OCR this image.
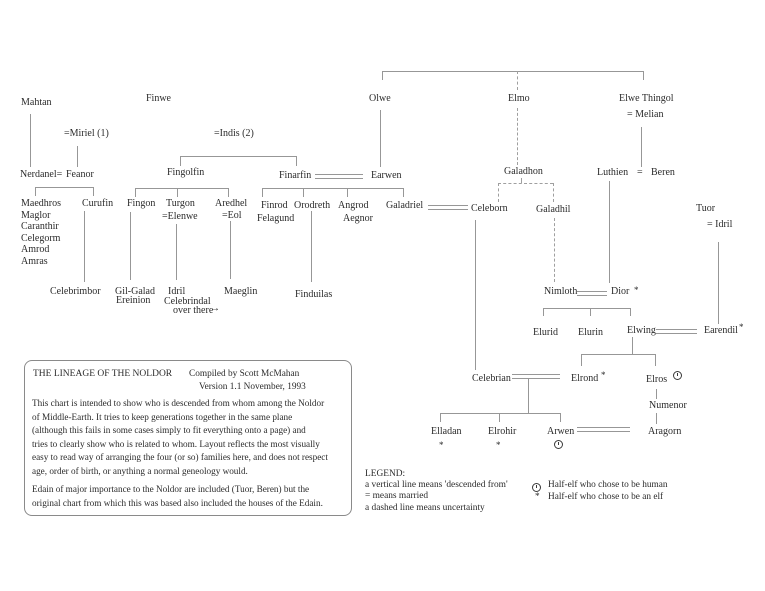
Mahtan	Finwe	Olwe	Elmo	Elwe Thingol
= Melian
=Miriel (1)	=Indis (2)
Nerdanel= Feanor	Fingolfin	Finarfin	Earwen	Galadhon	Luthien = Beren
Maedhros
Maglor
Caranthir
Celegorm
Amrod
Amras
Curufin Fingon Turgon
=Elenwe
Aredhel
=Eol
Finrod
Felagund
Orodreth Angrod
Aegnor
Galadriel	Celeborn	Galadhil	Tuor
= Idril
Celebrimbor Gil-Galad
Ereinion
Idril
Celebrindal
over there
→
Maeglin	Finduilas	Nimloth	Dior *
Elurid Elurin Elwing	Earendil *
Celebrian	Elrond *	Elros
Numenor
Aragorn
Elladan
*
Elrohir
*
Arwen
THE LINEAGE OF THE NOLDOR Compiled by Scott McMahan
Version 1.1 November, 1993
This chart is intended to show who is descended from whom among the Noldor
of Middle-Earth. It tries to keep generations together in the same plane
(although this fails in some cases simply to fit everything onto a page) and
tries to clearly show who is related to whom. Layout reflects the most visually
easy to read way of arranging the four (or so) families here, and does not respect
age, order of birth, or anything a normal geneology would.
Edain of major importance to the Noldor are included (Tuor, Beren) but the
original chart from which this was based also included the houses of the Edain.
LEGEND:
a vertical line means 'descended from'
= means married
a dashed line means uncertainty
Half-elf who chose to be human
* Half-elf who chose to be an elf
